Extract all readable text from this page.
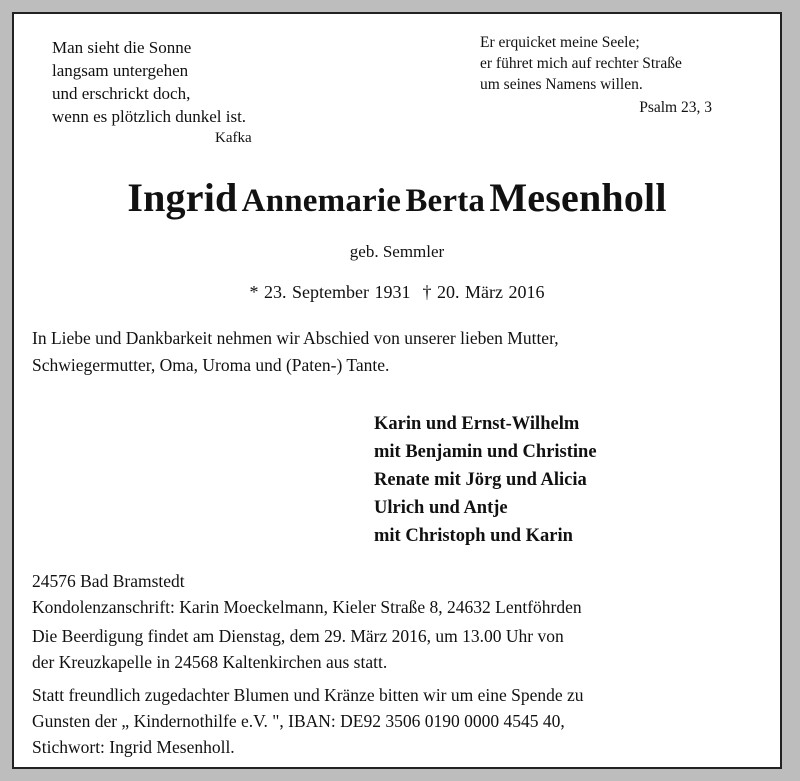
Man sieht die Sonne
langsam untergehen
und erschrickt doch,
wenn es plötzlich dunkel ist.
Kafka
Er erquicket meine Seele;
er führet mich auf rechter Straße
um seines Namens willen.
Psalm 23, 3
Ingrid Annemarie Berta Mesenholl
geb. Semmler
* 23. September 1931 † 20. März 2016
In Liebe und Dankbarkeit nehmen wir Abschied von unserer lieben Mutter,
Schwiegermutter, Oma, Uroma und (Paten-) Tante.
Karin und Ernst-Wilhelm
mit Benjamin und Christine
Renate mit Jörg und Alicia
Ulrich und Antje
mit Christoph und Karin
24576 Bad Bramstedt
Kondolenzanschrift: Karin Moeckelmann, Kieler Straße 8, 24632 Lentföhrden
Die Beerdigung findet am Dienstag, dem 29. März 2016, um 13.00 Uhr von
der Kreuzkapelle in 24568 Kaltenkirchen aus statt.
Statt freundlich zugedachter Blumen und Kränze bitten wir um eine Spende zu
Gunsten der „ Kindernothilfe e.V. ", IBAN: DE92 3506 0190 0000 4545 40,
Stichwort: Ingrid Mesenholl.
